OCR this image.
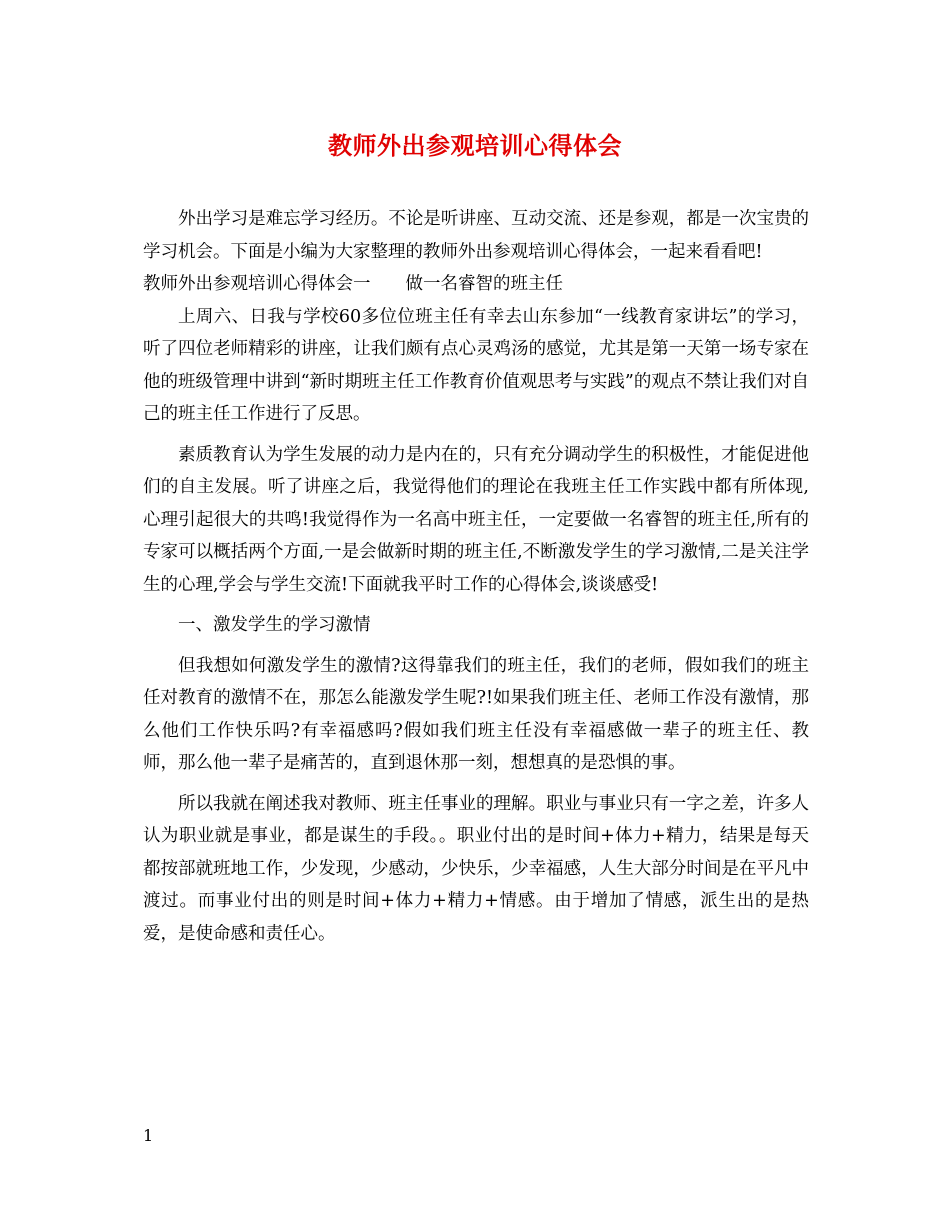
教师外出参观培训心得体会

外出学习是难忘学习经历。不论是听讲座、互动交流、还是参观，都是一次宝贵的学习机会。下面是小编为大家整理的教师外出参观培训心得体会，一起来看看吧!

教师外出参观培训心得体会一　　做一名睿智的班主任

上周六、日我与学校60多位位班主任有幸去山东参加“一线教育家讲坛”的学习，听了四位老师精彩的讲座，让我们颇有点心灵鸡汤的感觉，尤其是第一天第一场专家在他的班级管理中讲到“新时期班主任工作教育价值观思考与实践”的观点不禁让我们对自己的班主任工作进行了反思。

素质教育认为学生发展的动力是内在的，只有充分调动学生的积极性，才能促进他们的自主发展。听了讲座之后，我觉得他们的理论在我班主任工作实践中都有所体现,心理引起很大的共鸣!我觉得作为一名高中班主任，一定要做一名睿智的班主任,所有的专家可以概括两个方面,一是会做新时期的班主任,不断激发学生的学习激情,二是关注学生的心理,学会与学生交流!下面就我平时工作的心得体会,谈谈感受!

一、激发学生的学习激情

但我想如何激发学生的激情?这得靠我们的班主任，我们的老师，假如我们的班主任对教育的激情不在，那怎么能激发学生呢?!如果我们班主任、老师工作没有激情，那么他们工作快乐吗?有幸福感吗?假如我们班主任没有幸福感做一辈子的班主任、教师，那么他一辈子是痛苦的，直到退休那一刻，想想真的是恐惧的事。

所以我就在阐述我对教师、班主任事业的理解。职业与事业只有一字之差，许多人认为职业就是事业，都是谋生的手段。。职业付出的是时间+体力+精力，结果是每天都按部就班地工作，少发现，少感动，少快乐，少幸福感，人生大部分时间是在平凡中渡过。而事业付出的则是时间+体力+精力+情感。由于增加了情感，派生出的是热爱，是使命感和责任心。

1
